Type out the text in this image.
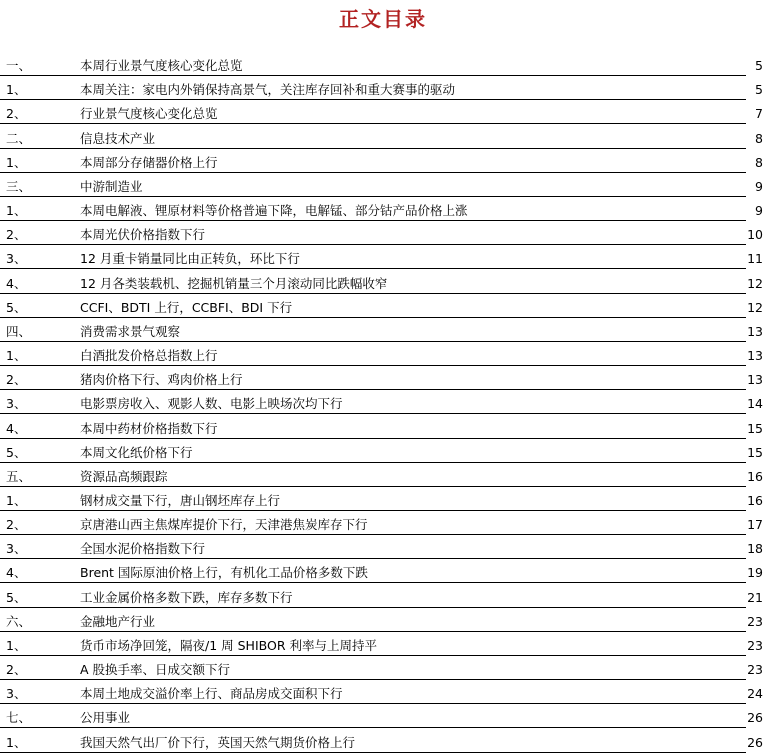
正文目录
一、	本周行业景气度核心变化总览	5
1、	本周关注：家电内外销保持高景气，关注库存回补和重大赛事的驱动	5
2、	行业景气度核心变化总览	7
二、	信息技术产业	8
1、	本周部分存储器价格上行	8
三、	中游制造业	9
1、	本周电解液、锂原材料等价格普遍下降，电解锰、部分钴产品价格上涨	9
2、	本周光伏价格指数下行	10
3、	12 月重卡销量同比由正转负，环比下行	11
4、	12 月各类装载机、挖掘机销量三个月滚动同比跌幅收窄	12
5、	CCFI、BDTI 上行，CCBFI、BDI 下行	12
四、	消费需求景气观察	13
1、	白酒批发价格总指数上行	13
2、	猪肉价格下行、鸡肉价格上行	13
3、	电影票房收入、观影人数、电影上映场次均下行	14
4、	本周中药材价格指数下行	15
5、	本周文化纸价格下行	15
五、	资源品高频跟踪	16
1、	钢材成交量下行，唐山钢坯库存上行	16
2、	京唐港山西主焦煤库提价下行，天津港焦炭库存下行	17
3、	全国水泥价格指数下行	18
4、	Brent 国际原油价格上行，有机化工品价格多数下跌	19
5、	工业金属价格多数下跌，库存多数下行	21
六、	金融地产行业	23
1、	货币市场净回笼，隔夜/1 周 SHIBOR 利率与上周持平	23
2、	A 股换手率、日成交额下行	23
3、	本周土地成交溢价率上行、商品房成交面积下行	24
七、	公用事业	26
1、	我国天然气出厂价下行，英国天然气期货价格上行	26
